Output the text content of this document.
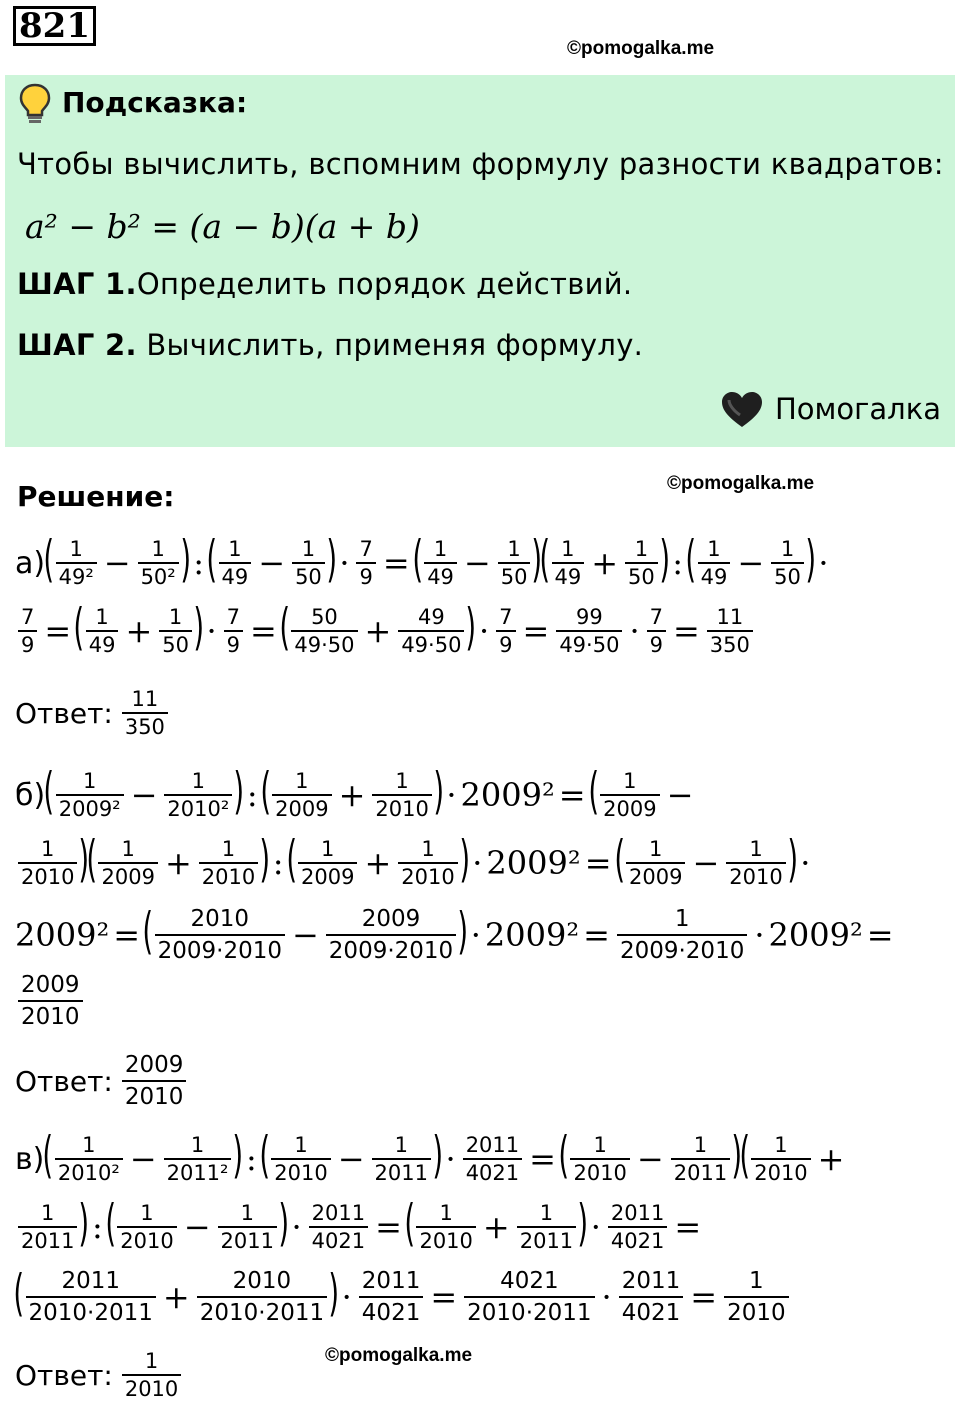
821
©pomogalka.me
Подсказка:
Чтобы вычислить, вспомним формулу разности квадратов:
a² − b² = (a − b)(a + b)
ШАГ 1.Определить порядок действий.
ШАГ 2. Вычислить, применяя формулу.
Помогалка
Решение:	©pomogalka.me
а)
( $\frac{1}{\text{49²}} - \frac{1}{\text{50²}}$ ) : ( $\frac{1}{49} - \frac{1}{50}$ ) · $\frac{7}{9}$ = ( $\frac{1}{49} - \frac{1}{50}$ )
( $\frac{1}{49} + \frac{1}{50}$ ) : ( $\frac{1}{49} - \frac{1}{50}$ ) ·
$\frac{7}{9}$ = ( $\frac{1}{49} + \frac{1}{50}$ ) · $\frac{7}{9}$ = ( $\frac{50}{49\cdot 50} + \frac{49}{49\cdot 50}$ ) · $\frac{7}{9} = \frac{99}{49\cdot 50} \cdot \frac{7}{9} = \frac{11}{350}$
Ответ: $\frac{11}{350}$
б)
( $\frac{1}{\text{2009²}} - \frac{1}{\text{2010²}}$ ) : ( $\frac{1}{2009} + \frac{1}{2010}$ ) · 2009² = ( $\frac{1}{2009}$ −
$\frac{1}{2010}$ )
( $\frac{1}{2009} + \frac{1}{2010}$ ) : ( $\frac{1}{2009} + \frac{1}{2010}$ ) · 2009² = ( $\frac{1}{2009} - \frac{1}{2010}$ ) ·
2009² = ( $\frac{2010}{2009\cdot 2010} - \frac{2009}{2009\cdot 2010}$ ) · $2009^2 = \frac{1}{2009\cdot 2010} \cdot 2009^2$ =
$\frac{2009}{2010}$
Ответ: $\frac{2009}{2010}$
в)
( $\frac{1}{\text{2010²}} - \frac{1}{\text{2011²}}$ ) : ( $\frac{1}{2010} - \frac{1}{2011}$ ) · $\frac{2011}{4021}$ = ( $\frac{1}{2010} - \frac{1}{2011}$ )
( $\frac{1}{2010}$ +
$\frac{1}{2011}$ ) : ( $\frac{1}{2010} - \frac{1}{2011}$ ) · $\frac{2011}{4021}$ = ( $\frac{1}{2010} + \frac{1}{2011}$ ) · $\frac{2011}{4021}$ =
( $\frac{2011}{2010\cdot 2011} + \frac{2010}{2010\cdot 2011}$ ) · $\frac{2011}{4021} = \frac{4021}{2010\cdot 2011} \cdot \frac{2011}{4021} = \frac{1}{2010}$
Ответ: $\frac{1}{2010}$	©pomogalka.me
